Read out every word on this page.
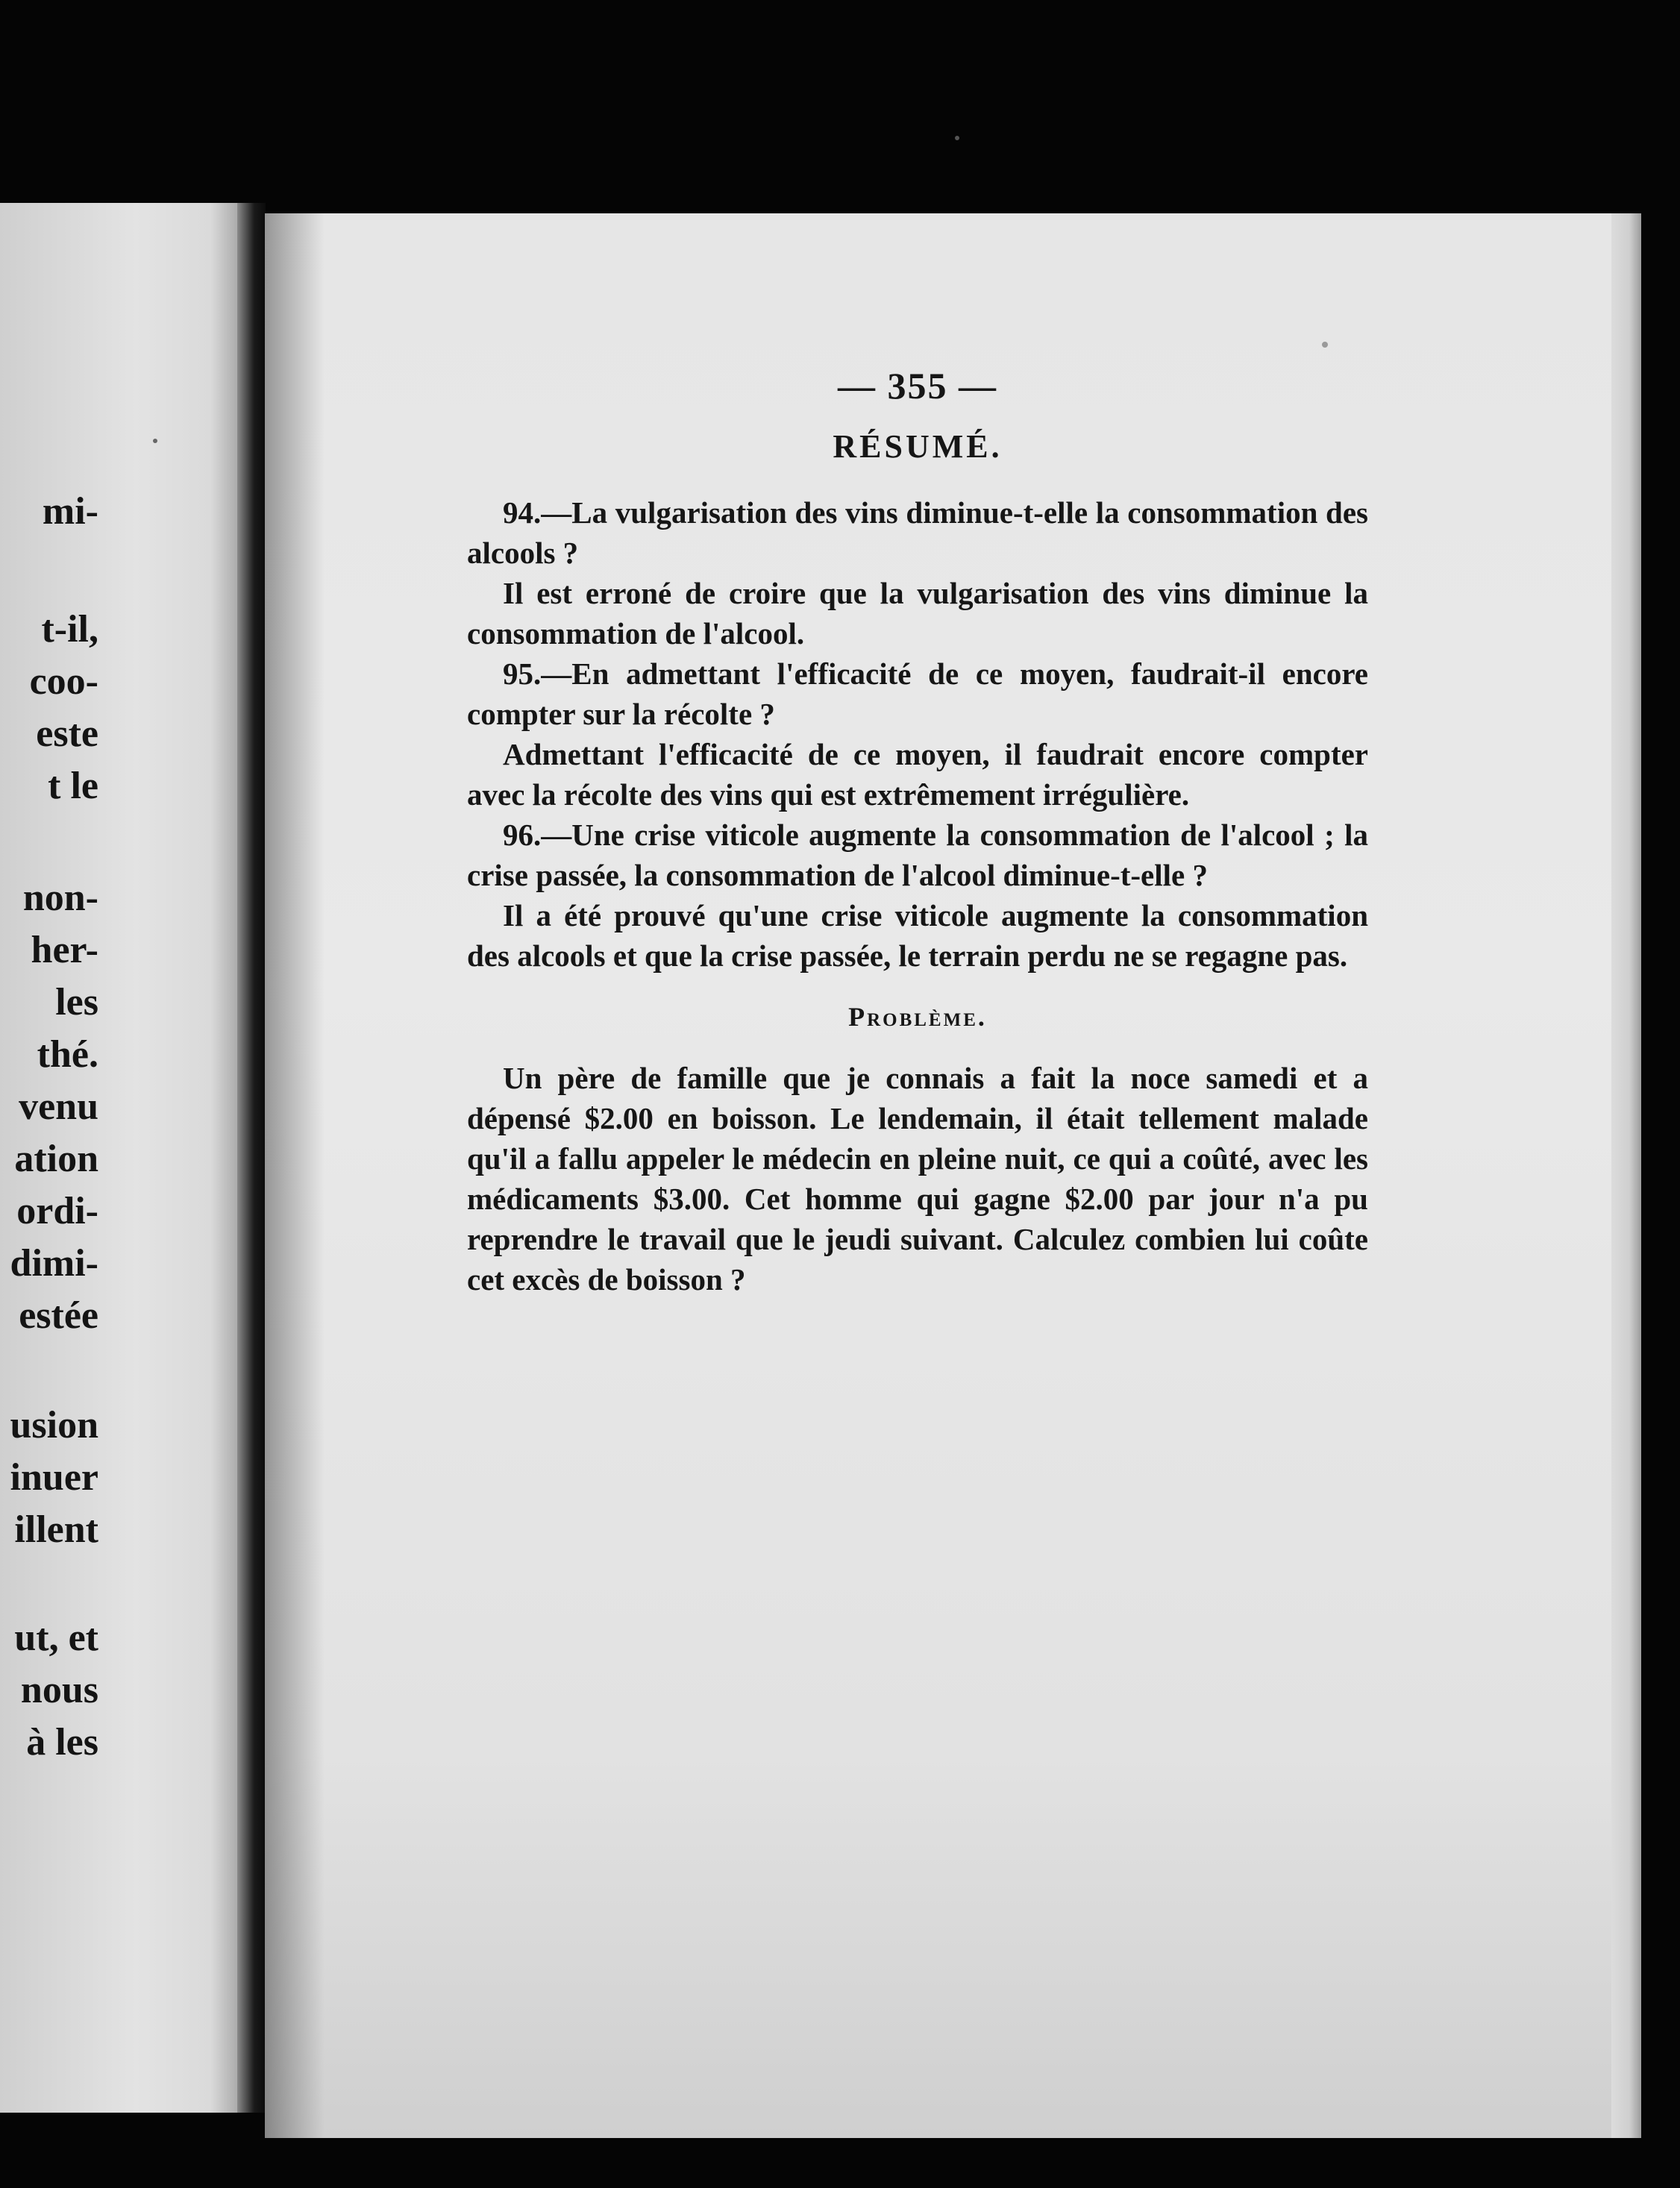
mi-
t-il,
coo-
este
t le
non-
her-
les
thé.
venu
ation
ordi-
dimi-
estée
usion
inuer
illent
ut, et
nous
à les
— 355 —
RÉSUMÉ.

94.—La vulgarisation des vins diminue-t-elle la consommation des alcools ?

Il est erroné de croire que la vulgarisation des vins diminue la consommation de l'alcool.

95.—En admettant l'efficacité de ce moyen, faudrait-il encore compter sur la récolte ?

Admettant l'efficacité de ce moyen, il faudrait encore compter avec la récolte des vins qui est extrêmement irrégulière.

96.—Une crise viticole augmente la consommation de l'alcool ; la crise passée, la consommation de l'alcool diminue-t-elle ?

Il a été prouvé qu'une crise viticole augmente la consommation des alcools et que la crise passée, le terrain perdu ne se regagne pas.

Problème.

Un père de famille que je connais a fait la noce samedi et a dépensé $2.00 en boisson. Le lendemain, il était tellement malade qu'il a fallu appeler le médecin en pleine nuit, ce qui a coûté, avec les médicaments $3.00. Cet homme qui gagne $2.00 par jour n'a pu reprendre le travail que le jeudi suivant. Calculez combien lui coûte cet excès de boisson ?
